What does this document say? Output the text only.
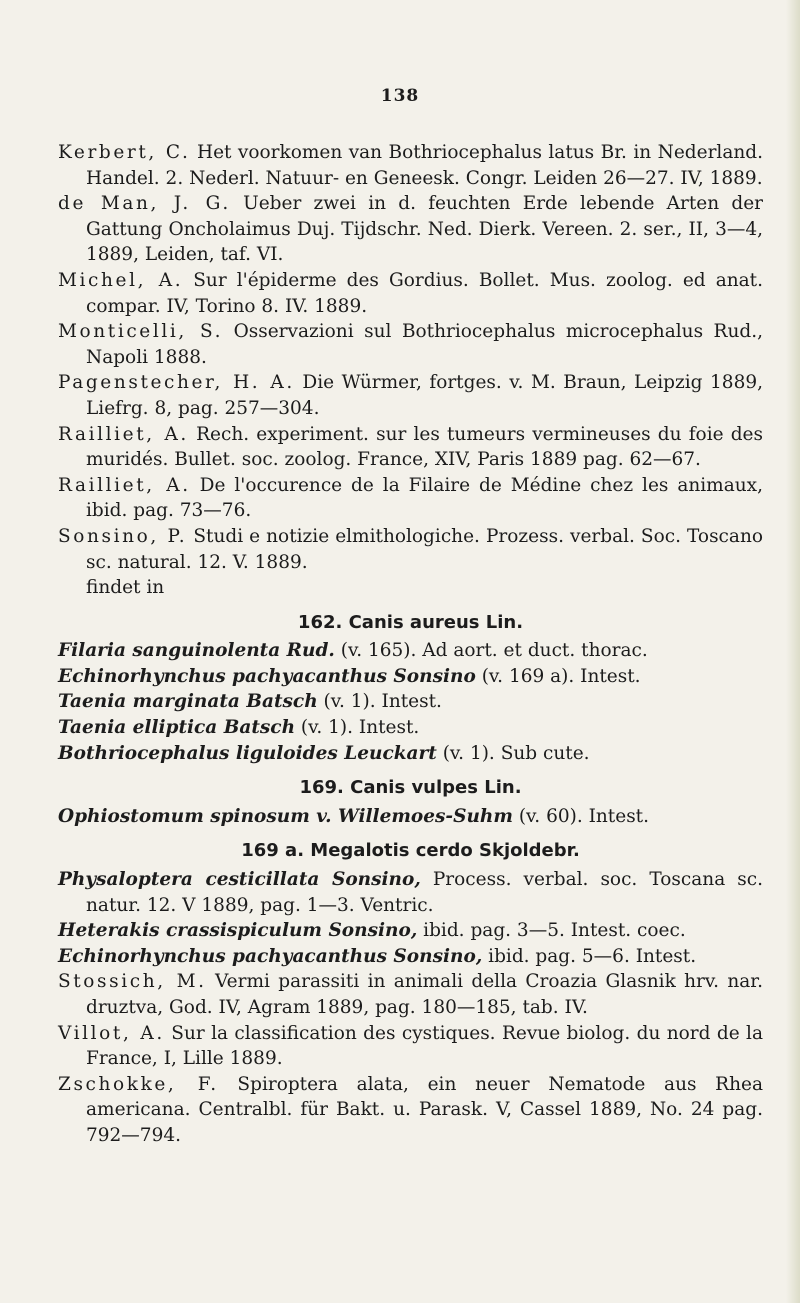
138

Kerbert, C. Het voorkomen van Bothriocephalus latus Br. in Nederland. Handel. 2. Nederl. Natuur- en Geneesk. Congr. Leiden 26—27. IV, 1889.

de Man, J. G. Ueber zwei in d. feuchten Erde lebende Arten der Gattung Oncholaimus Duj. Tijdschr. Ned. Dierk. Vereen. 2. ser., II, 3—4, 1889, Leiden, taf. VI.

Michel, A. Sur l'épiderme des Gordius. Bollet. Mus. zoolog. ed anat. compar. IV, Torino 8. IV. 1889.

Monticelli, S. Osservazioni sul Bothriocephalus microcephalus Rud., Napoli 1888.

Pagenstecher, H. A. Die Würmer, fortges. v. M. Braun, Leipzig 1889, Liefrg. 8, pag. 257—304.

Railliet, A. Rech. experiment. sur les tumeurs vermineuses du foie des muridés. Bullet. soc. zoolog. France, XIV, Paris 1889 pag. 62—67.

Railliet, A. De l'occurence de la Filaire de Médine chez les animaux, ibid. pag. 73—76.

Sonsino, P. Studi e notizie elmithologiche. Prozess. verbal. Soc. Toscano sc. natural. 12. V. 1889.

findet in

162. Canis aureus Lin.

Filaria sanguinolenta Rud. (v. 165). Ad aort. et duct. thorac.

Echinorhynchus pachyacanthus Sonsino (v. 169 a). Intest.

Taenia marginata Batsch (v. 1). Intest.

Taenia elliptica Batsch (v. 1). Intest.

Bothriocephalus liguloides Leuckart (v. 1). Sub cute.

169. Canis vulpes Lin.

Ophiostomum spinosum v. Willemoes-Suhm (v. 60). Intest.

169 a. Megalotis cerdo Skjoldebr.

Physaloptera cesticillata Sonsino, Process. verbal. soc. Toscana sc. natur. 12. V 1889, pag. 1—3. Ventric.

Heterakis crassispiculum Sonsino, ibid. pag. 3—5. Intest. coec.

Echinorhynchus pachyacanthus Sonsino, ibid. pag. 5—6. Intest.

Stossich, M. Vermi parassiti in animali della Croazia Glasnik hrv. nar. druztva, God. IV, Agram 1889, pag. 180—185, tab. IV.

Villot, A. Sur la classification des cystiques. Revue biolog. du nord de la France, I, Lille 1889.

Zschokke, F. Spiroptera alata, ein neuer Nematode aus Rhea americana. Centralbl. für Bakt. u. Parask. V, Cassel 1889, No. 24 pag. 792—794.
